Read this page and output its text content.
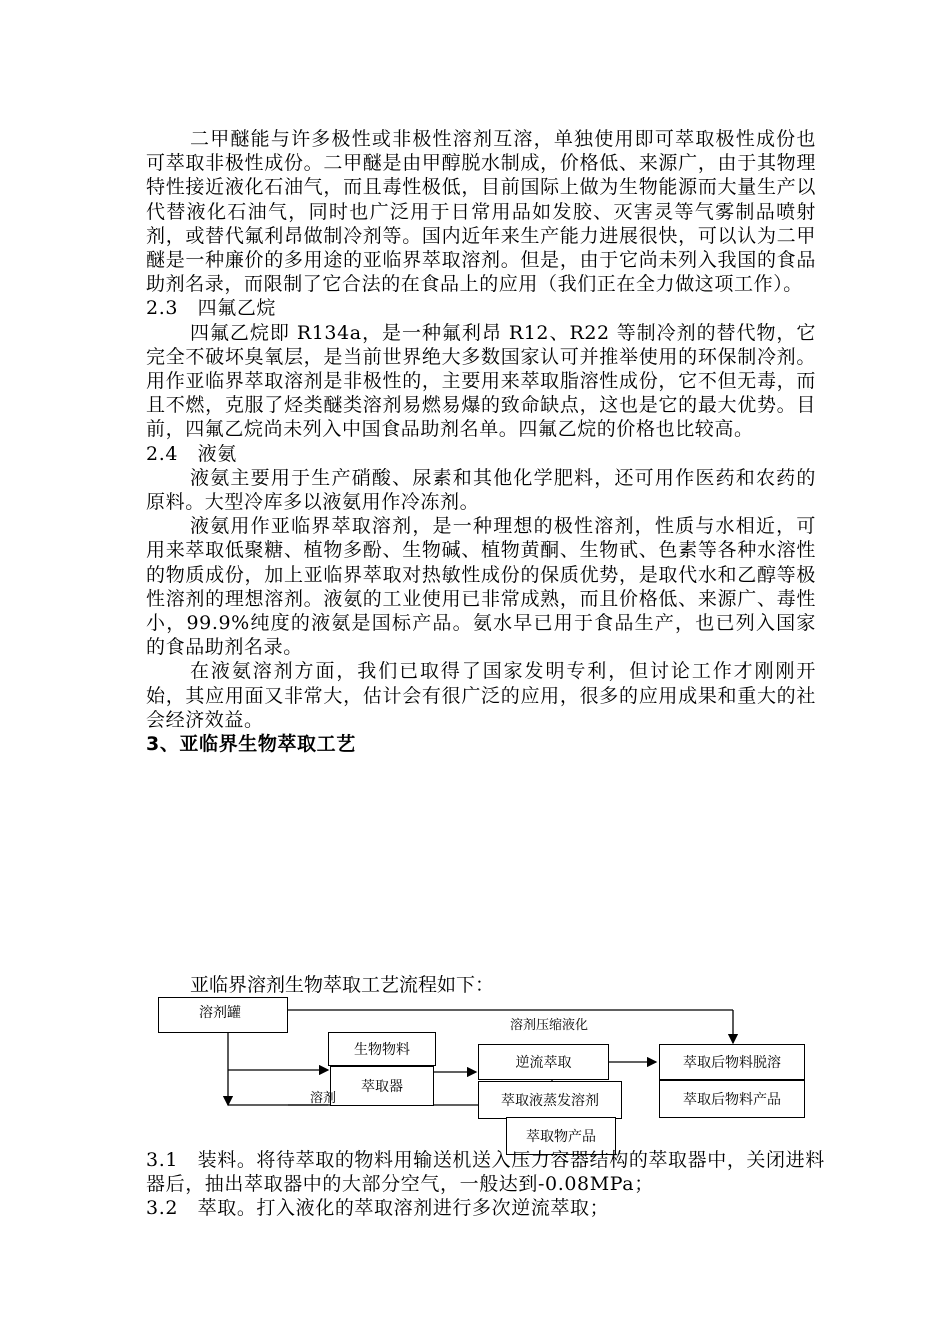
二甲醚能与许多极性或非极性溶剂互溶，单独使用即可萃取极性成份也可萃取非极性成份。二甲醚是由甲醇脱水制成，价格低、来源广，由于其物理特性接近液化石油气，而且毒性极低，目前国际上做为生物能源而大量生产以代替液化石油气，同时也广泛用于日常用品如发胶、灭害灵等气雾制品喷射剂，或替代氟利昂做制冷剂等。国内近年来生产能力进展很快，可以认为二甲醚是一种廉价的多用途的亚临界萃取溶剂。但是，由于它尚未列入我国的食品助剂名录，而限制了它合法的在食品上的应用（我们正在全力做这项工作）。

2.3　四氟乙烷

四氟乙烷即 R134a，是一种氟利昂 R12、R22 等制冷剂的替代物，它完全不破坏臭氧层，是当前世界绝大多数国家认可并推举使用的环保制冷剂。用作亚临界萃取溶剂是非极性的，主要用来萃取脂溶性成份，它不但无毒，而且不燃，克服了烃类醚类溶剂易燃易爆的致命缺点，这也是它的最大优势。目前，四氟乙烷尚未列入中国食品助剂名单。四氟乙烷的价格也比较高。

2.4　液氨

液氨主要用于生产硝酸、尿素和其他化学肥料，还可用作医药和农药的原料。大型冷库多以液氨用作冷冻剂。

液氨用作亚临界萃取溶剂，是一种理想的极性溶剂，性质与水相近，可用来萃取低聚糖、植物多酚、生物碱、植物黄酮、生物甙、色素等各种水溶性的物质成份，加上亚临界萃取对热敏性成份的保质优势，是取代水和乙醇等极性溶剂的理想溶剂。液氨的工业使用已非常成熟，而且价格低、来源广、毒性小，99.9%纯度的液氨是国标产品。氨水早已用于食品生产，也已列入国家的食品助剂名录。

在液氨溶剂方面，我们已取得了国家发明专利，但讨论工作才刚刚开始，其应用面又非常大，估计会有很广泛的应用，很多的应用成果和重大的社会经济效益。

3、亚临界生物萃取工艺

亚临界溶剂生物萃取工艺流程如下：

溶剂罐
溶剂压缩液化
生物物料
萃取器
溶剂
逆流萃取
萃取液蒸发溶剂
萃取物产品
萃取后物料脱溶
萃取后物料产品

3.1　装料。将待萃取的物料用输送机送入压力容器结构的萃取器中，关闭进料器后，抽出萃取器中的大部分空气，一般达到-0.08MPa；

3.2　萃取。打入液化的萃取溶剂进行多次逆流萃取；
